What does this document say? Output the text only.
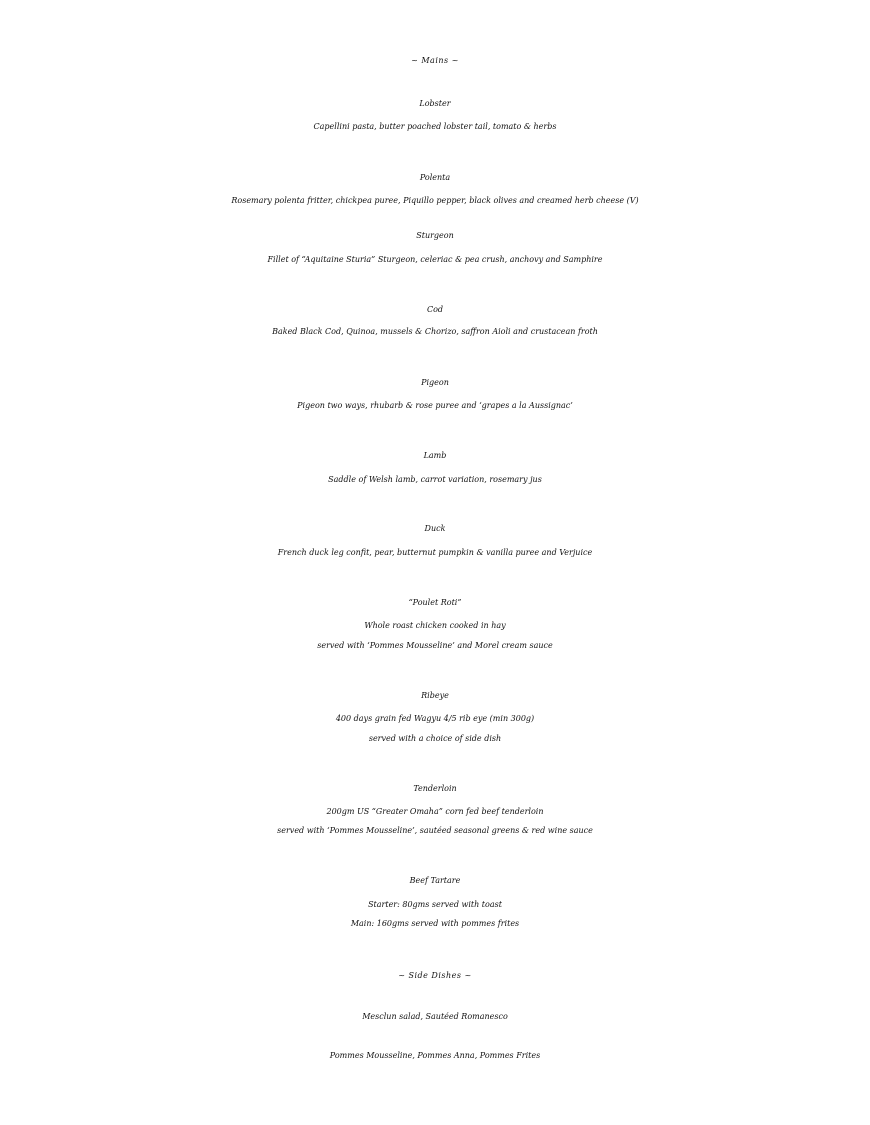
~ Mains ~
Lobster
Capellini pasta, butter poached lobster tail, tomato & herbs
Polenta
Rosemary polenta fritter, chickpea puree, Piquillo pepper, black olives and creamed herb cheese (V)
Sturgeon
Fillet of “Aquitaine Sturia” Sturgeon, celeriac & pea crush, anchovy and Samphire
Cod
Baked Black Cod, Quinoa, mussels & Chorizo, saffron Aioli and crustacean froth
Pigeon
Pigeon two ways, rhubarb & rose puree and ‘grapes a la Aussignac’
Lamb
Saddle of Welsh lamb, carrot variation, rosemary jus
Duck
French duck leg confit, pear, butternut pumpkin & vanilla puree and Verjuice
“Poulet Roti”
Whole roast chicken cooked in hay
served with ‘Pommes Mousseline’ and Morel cream sauce
Ribeye
400 days grain fed Wagyu 4/5 rib eye (min 300g)
served with a choice of side dish
Tenderloin
200gm US “Greater Omaha” corn fed beef tenderloin
served with ‘Pommes Mousseline’, sautéed seasonal greens & red wine sauce
Beef Tartare
Starter: 80gms served with toast
Main: 160gms served with pommes frites
~ Side Dishes ~
Mesclun salad, Sautéed Romanesco
Pommes Mousseline, Pommes Anna, Pommes Frites
